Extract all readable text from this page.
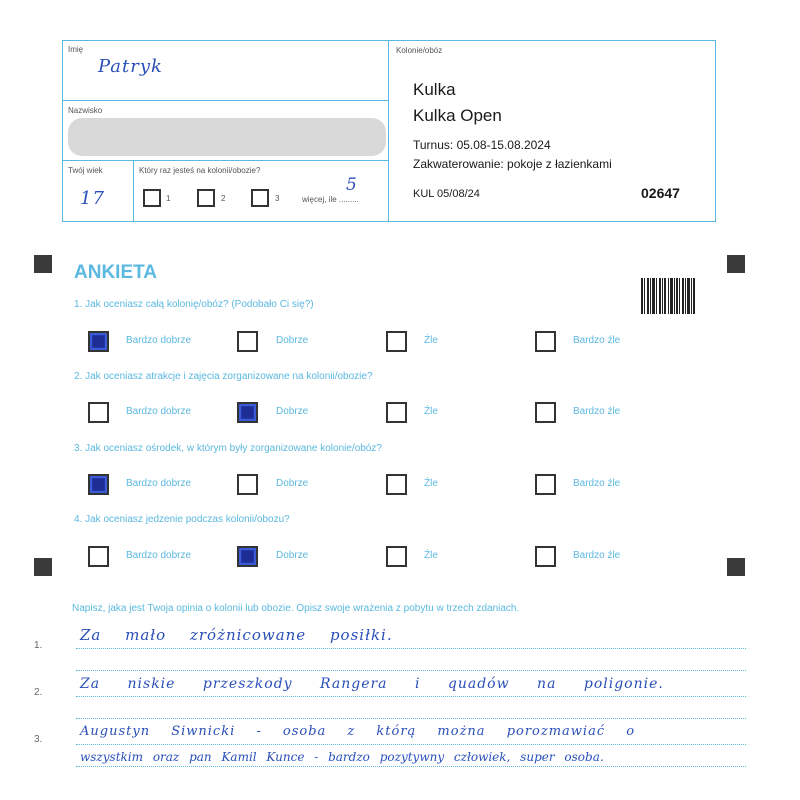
Imię
Patryk
Nazwisko
Twój wiek
17
Który raz jesteś na kolonii/obozie?
1	2	3	więcej, ile .........
5
Kolonie/obóz
Kulka
Kulka Open
Turnus: 05.08-15.08.2024
Zakwaterowanie: pokoje z łazienkami
KUL 05/08/24	02647
ANKIETA
1. Jak oceniasz całą kolonię/obóz? (Podobało Ci się?)
Bardzo dobrze	Dobrze	Źle	Bardzo źle
2. Jak oceniasz atrakcje i zajęcia zorganizowane na kolonii/obozie?
Bardzo dobrze	Dobrze	Źle	Bardzo źle
3. Jak oceniasz ośrodek, w którym były zorganizowane kolonie/obóz?
Bardzo dobrze	Dobrze	Źle	Bardzo źle
4. Jak oceniasz jedzenie podczas kolonii/obozu?
Bardzo dobrze	Dobrze	Źle	Bardzo źle
Napisz, jaka jest Twoja opinia o kolonii lub obozie. Opisz swoje wrażenia z pobytu w trzech zdaniach.
1.
2.
3.
Za mało zróżnicowane posiłki.
Za niskie przeszkody Rangera i quadów na poligonie.
Augustyn Siwnicki - osoba z którą można porozmawiać o
wszystkim oraz pan Kamil Kunce - bardzo pozytywny człowiek, super osoba.
